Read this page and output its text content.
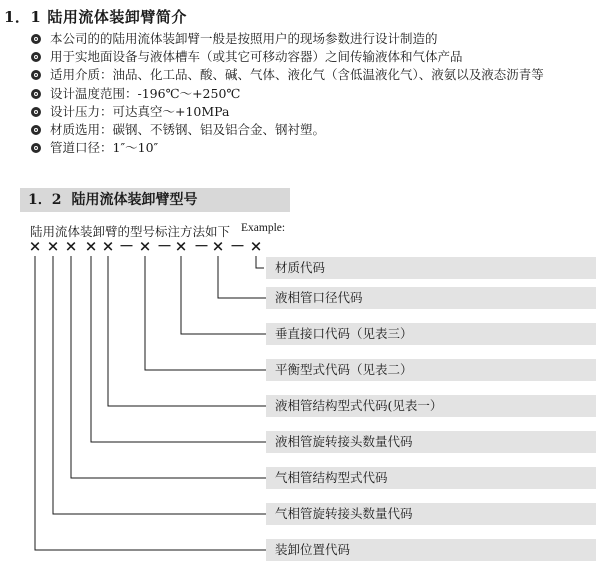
1．1 陆用流体装卸臂简介
本公司的的陆用流体装卸臂一般是按照用户的现场参数进行设计制造的
用于实地面设备与液体槽车（或其它可移动容器）之间传输液体和气体产品
适用介质：油品、化工品、酸、碱、气体、液化气（含低温液化气）、液氨以及液态沥青等
设计温度范围：-196℃～+250℃
设计压力：可达真空～+10MPa
材质选用：碳钢、不锈钢、铝及铝合金、钢衬塑。
管道口径：1″～10″
1．2 陆用流体装卸臂型号
陆用流体装卸臂的型号标注方法如下 Example:
× × × × × － × － × － × － ×
材质代码
液相管口径代码
垂直接口代码（见表三）
平衡型式代码（见表二）
液相管结构型式代码(见表一）
液相管旋转接头数量代码
气相管结构型式代码
气相管旋转接头数量代码
装卸位置代码
